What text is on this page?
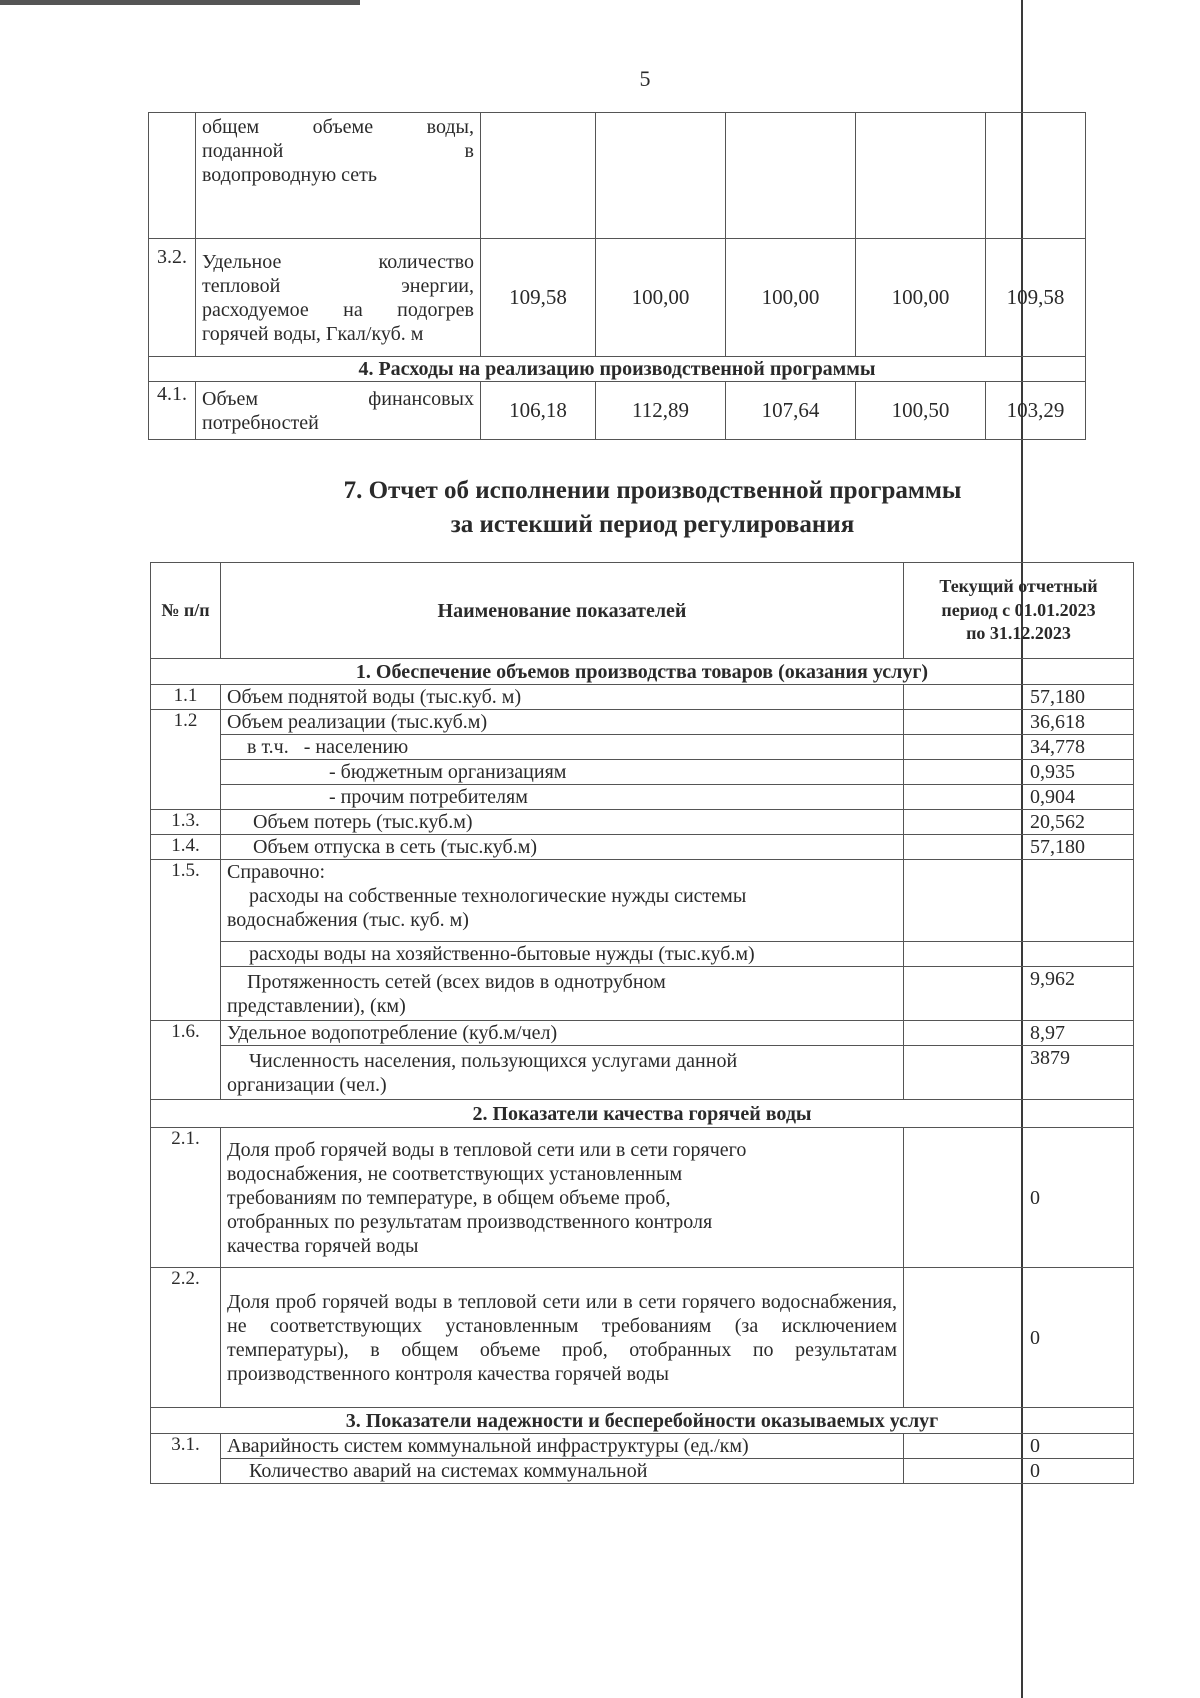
5

	общем объеме воды,
поданной в
водопроводную сеть					

3.2.	Удельное количество
тепловой энергии,
расходуемое на подогрев
горячей воды, Гкал/куб. м	109,58	100,00	100,00	100,00	109,58
4. Расходы на реализацию производственной программы						
4.1.	Объем финансовых
потребностей	106,18	112,89	107,64	100,50	103,29
7. Отчет об исполнении производственной программы
за истекший период регулирования
№ п/п	Наименование показателей	Текущий отчетный
период с 01.01.2023
по 31.12.2023

1. Обеспечение объемов производства товаров (оказания услуг)		
1.1	Объем поднятой воды (тыс.куб. м)	57,180
1.2	Объем реализации (тыс.куб.м)	36,618
	в т.ч.   - населению	34,778
	- бюджетным организациям	0,935
	- прочим потребителям	0,904
1.3.	Объем потерь (тыс.куб.м)	20,562
1.4.	Объем отпуска в сеть (тыс.куб.м)	57,180
1.5.	Справочно:
расходы на собственные технологические нужды системы
водоснабжения (тыс. куб. м)	

	расходы воды на хозяйственно-бытовые нужды (тыс.куб.м)	

	Протяженность сетей (всех видов в однотрубном
представлении), (км)	9,962
1.6.	Удельное водопотребление (куб.м/чел)	8,97

	Численность населения, пользующихся услугами данной
организации (чел.)	3879
2. Показатели качества горячей воды		
2.1.	Доля проб горячей воды в тепловой сети или в сети горячего
водоснабжения, не соответствующих установленным
требованиям по температуре, в общем объеме проб,
отобранных по результатам производственного контроля
качества горячей воды	0
2.2.	Доля проб горячей воды в тепловой сети или в сети горячего водоснабжения, не соответствующих установленным требованиям (за исключением температуры), в общем объеме проб, отобранных по результатам производственного контроля качества горячей воды	0
3. Показатели надежности и бесперебойности оказываемых услуг		
3.1.	Аварийность систем коммунальной инфраструктуры (ед./км)	0
	Количество аварий на системах коммунальной	0
